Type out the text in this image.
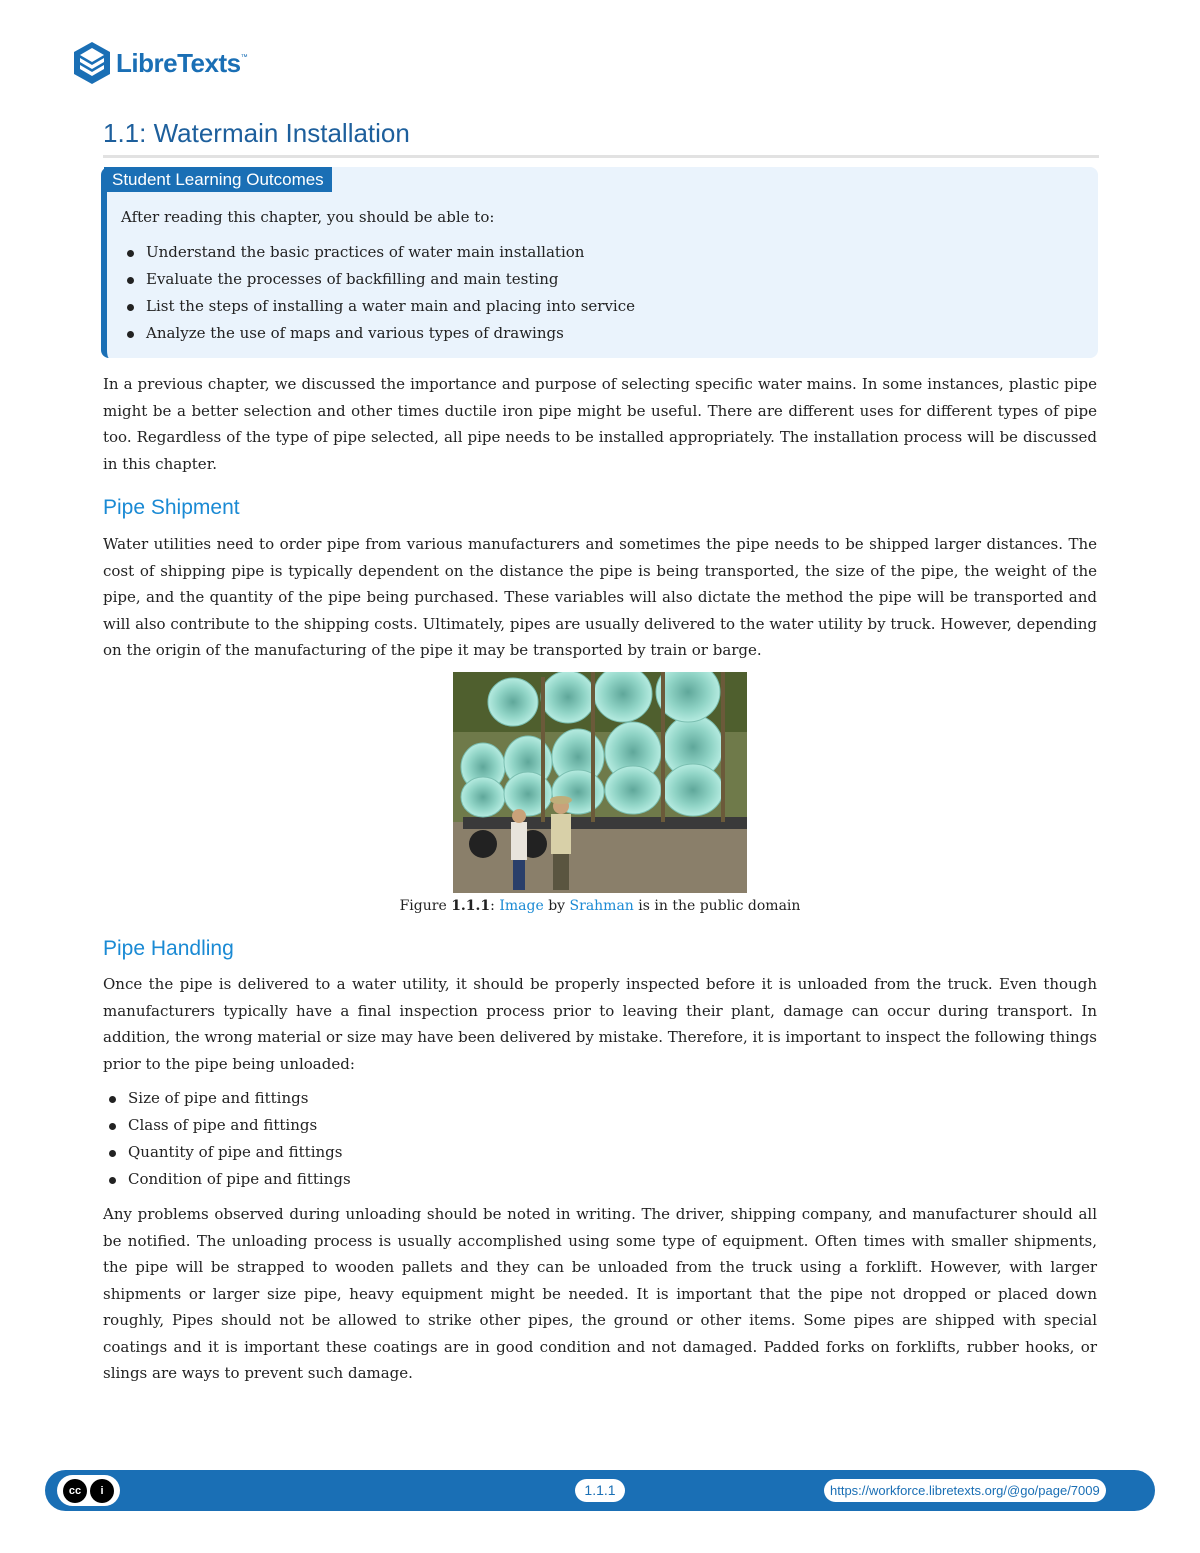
LibreTexts ™
1.1: Watermain Installation
Student Learning Outcomes

After reading this chapter, you should be able to:

Understand the basic practices of water main installation
Evaluate the processes of backfilling and main testing
List the steps of installing a water main and placing into service
Analyze the use of maps and various types of drawings

In a previous chapter, we discussed the importance and purpose of selecting specific water mains. In some instances, plastic pipe might be a better selection and other times ductile iron pipe might be useful. There are different uses for different types of pipe too. Regardless of the type of pipe selected, all pipe needs to be installed appropriately. The installation process will be discussed in this chapter.

Pipe Shipment

Water utilities need to order pipe from various manufacturers and sometimes the pipe needs to be shipped larger distances. The cost of shipping pipe is typically dependent on the distance the pipe is being transported, the size of the pipe, the weight of the pipe, and the quantity of the pipe being purchased. These variables will also dictate the method the pipe will be transported and will also contribute to the shipping costs. Ultimately, pipes are usually delivered to the water utility by truck. However, depending on the origin of the manufacturing of the pipe it may be transported by train or barge.

Figure 1.1.1: Image by Srahman is in the public domain
Pipe Handling

Once the pipe is delivered to a water utility, it should be properly inspected before it is unloaded from the truck. Even though manufacturers typically have a final inspection process prior to leaving their plant, damage can occur during transport. In addition, the wrong material or size may have been delivered by mistake. Therefore, it is important to inspect the following things prior to the pipe being unloaded:

Size of pipe and fittings
Class of pipe and fittings
Quantity of pipe and fittings
Condition of pipe and fittings

Any problems observed during unloading should be noted in writing. The driver, shipping company, and manufacturer should all be notified. The unloading process is usually accomplished using some type of equipment. Often times with smaller shipments, the pipe will be strapped to wooden pallets and they can be unloaded from the truck using a forklift. However, with larger shipments or larger size pipe, heavy equipment might be needed. It is important that the pipe not dropped or placed down roughly, Pipes should not be allowed to strike other pipes, the ground or other items. Some pipes are shipped with special coatings and it is important these coatings are in good condition and not damaged. Padded forks on forklifts, rubber hooks, or slings are ways to prevent such damage.

cc	i	1.1.1	https://workforce.libretexts.org/@go/page/7009
